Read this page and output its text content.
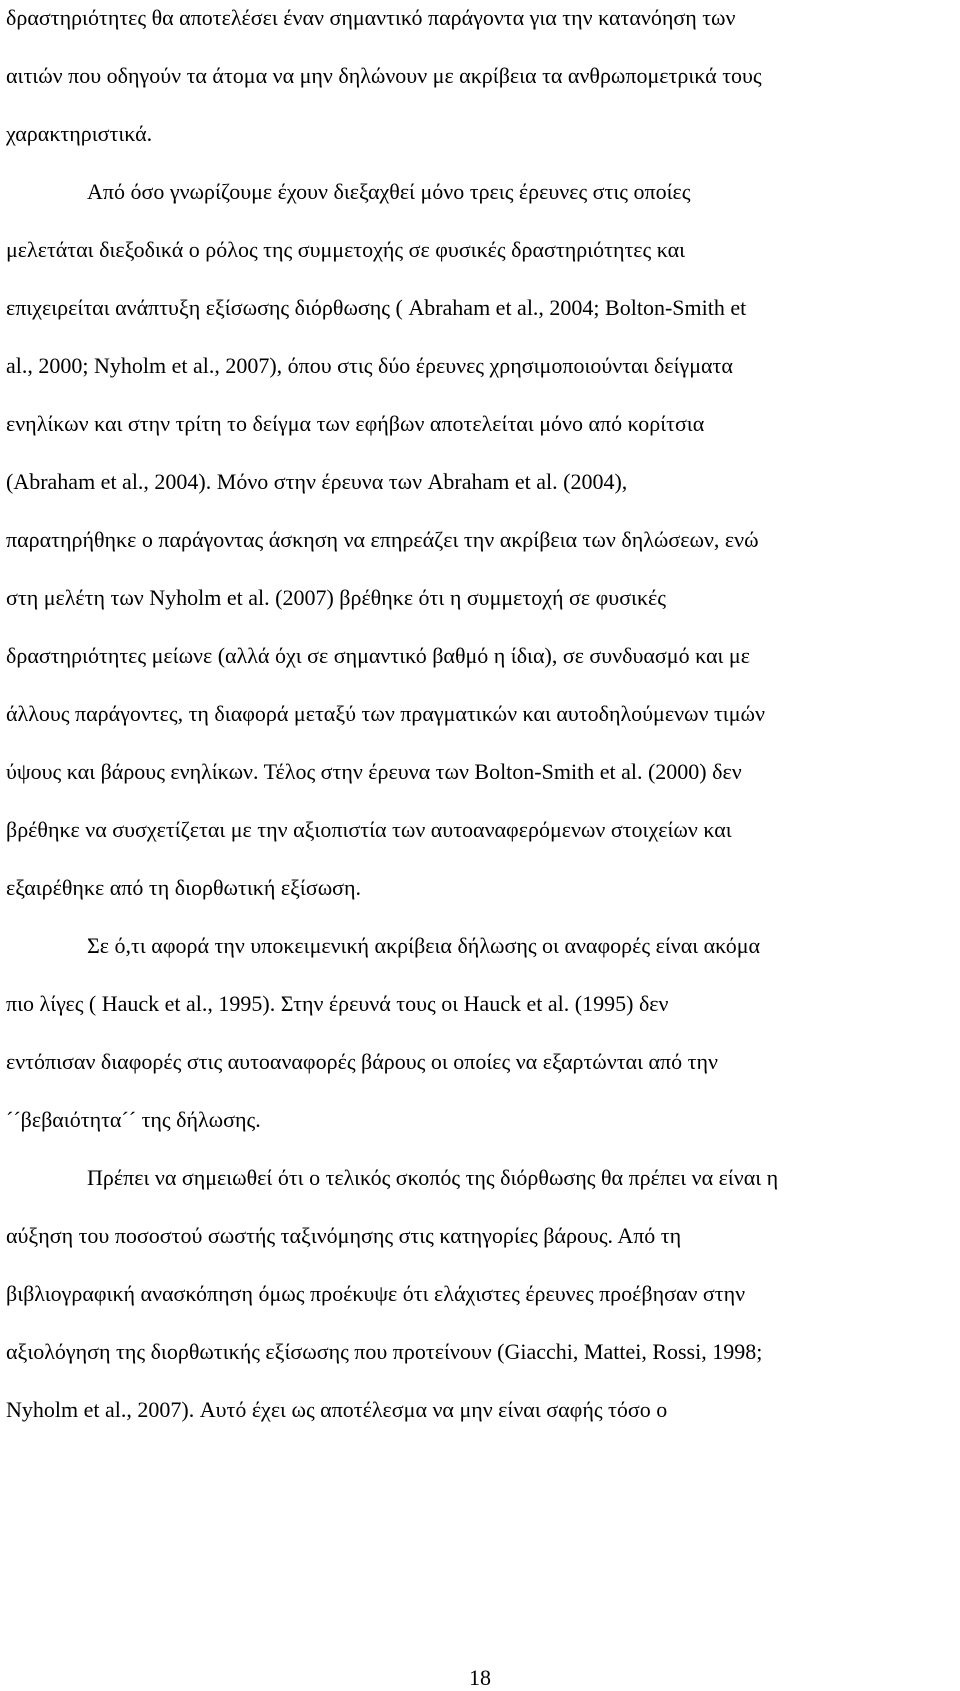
δραστηριότητες θα αποτελέσει έναν σημαντικό παράγοντα για την κατανόηση των
αιτιών που οδηγούν τα άτομα να μην δηλώνουν με ακρίβεια τα ανθρωπομετρικά τους
χαρακτηριστικά.
Από όσο γνωρίζουμε έχουν διεξαχθεί μόνο τρεις έρευνες στις οποίες
μελετάται διεξοδικά ο ρόλος της συμμετοχής σε φυσικές δραστηριότητες και
επιχειρείται ανάπτυξη εξίσωσης διόρθωσης ( Abraham et al., 2004; Bolton-Smith et
al., 2000; Nyholm et al., 2007), όπου στις δύο έρευνες χρησιμοποιούνται δείγματα
ενηλίκων και στην τρίτη το δείγμα των εφήβων αποτελείται μόνο από κορίτσια
(Abraham et al., 2004). Μόνο στην έρευνα των Abraham et al. (2004),
παρατηρήθηκε ο παράγοντας άσκηση να επηρεάζει την ακρίβεια των δηλώσεων, ενώ
στη μελέτη των Nyholm et al. (2007) βρέθηκε ότι η συμμετοχή σε φυσικές
δραστηριότητες μείωνε (αλλά όχι σε σημαντικό βαθμό η ίδια), σε συνδυασμό και με
άλλους παράγοντες, τη διαφορά μεταξύ των πραγματικών και αυτοδηλούμενων τιμών
ύψους και βάρους ενηλίκων. Τέλος στην έρευνα των Bolton-Smith et al. (2000) δεν
βρέθηκε να συσχετίζεται με την αξιοπιστία των αυτοαναφερόμενων στοιχείων και
εξαιρέθηκε από τη διορθωτική εξίσωση.
Σε ό,τι αφορά την υποκειμενική ακρίβεια δήλωσης οι αναφορές είναι ακόμα
πιο λίγες ( Hauck et al., 1995). Στην έρευνά τους οι Hauck et al. (1995) δεν
εντόπισαν διαφορές στις αυτοαναφορές βάρους οι οποίες να εξαρτώνται από την
´´βεβαιότητα´´ της δήλωσης.
Πρέπει να σημειωθεί ότι ο τελικός σκοπός της διόρθωσης θα πρέπει να είναι η
αύξηση του ποσοστού σωστής ταξινόμησης στις κατηγορίες βάρους. Από τη
βιβλιογραφική ανασκόπηση όμως προέκυψε ότι ελάχιστες έρευνες προέβησαν στην
αξιολόγηση της διορθωτικής εξίσωσης που προτείνουν (Giacchi, Mattei, Rossi, 1998;
Nyholm et al., 2007). Αυτό έχει ως αποτέλεσμα να μην είναι σαφής τόσο ο
18
